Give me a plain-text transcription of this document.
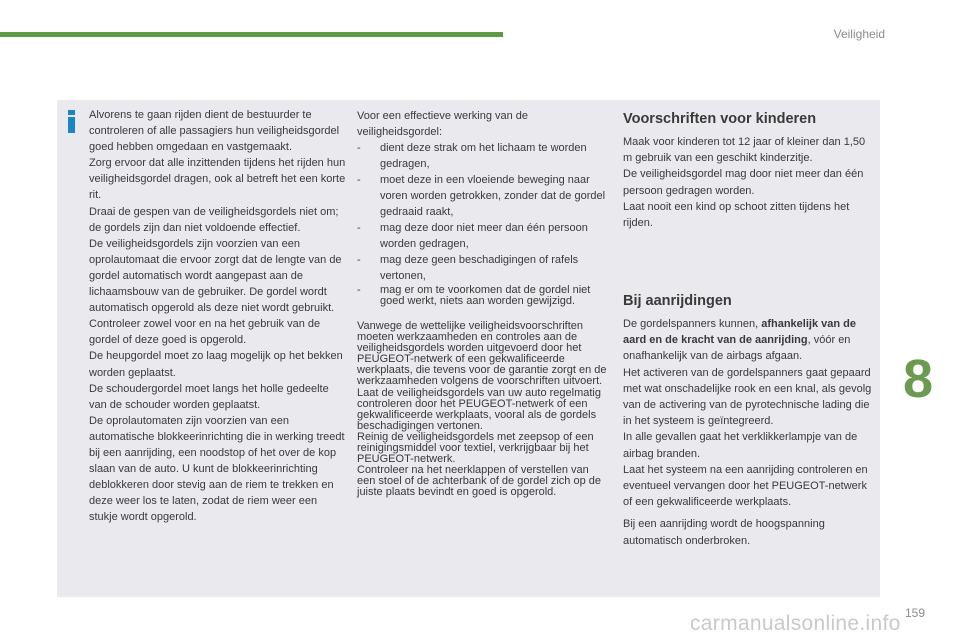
Veiligheid

Alvorens te gaan rijden dient de bestuurder te controleren of alle passagiers hun veiligheidsgordel goed hebben omgedaan en vastgemaakt.

Zorg ervoor dat alle inzittenden tijdens het rijden hun veiligheidsgordel dragen, ook al betreft het een korte rit.

Draai de gespen van de veiligheidsgordels niet om; de gordels zijn dan niet voldoende effectief.

De veiligheidsgordels zijn voorzien van een oprolautomaat die ervoor zorgt dat de lengte van de gordel automatisch wordt aangepast aan de lichaamsbouw van de gebruiker. De gordel wordt automatisch opgerold als deze niet wordt gebruikt.

Controleer zowel voor en na het gebruik van de gordel of deze goed is opgerold.

De heupgordel moet zo laag mogelijk op het bekken worden geplaatst.

De schoudergordel moet langs het holle gedeelte van de schouder worden geplaatst.

De oprolautomaten zijn voorzien van een automatische blokkeerinrichting die in werking treedt bij een aanrijding, een noodstop of het over de kop slaan van de auto. U kunt de blokkeerinrichting deblokkeren door stevig aan de riem te trekken en deze weer los te laten, zodat de riem weer een stukje wordt opgerold.

Voor een effectieve werking van de veiligheidsgordel:

- dient deze strak om het lichaam te worden gedragen,
- moet deze in een vloeiende beweging naar voren worden getrokken, zonder dat de gordel gedraaid raakt,
- mag deze door niet meer dan één persoon worden gedragen,
- mag deze geen beschadigingen of rafels vertonen,
- mag er om te voorkomen dat de gordel niet goed werkt, niets aan worden gewijzigd.

Vanwege de wettelijke veiligheidsvoorschriften moeten werkzaamheden en controles aan de veiligheidsgordels worden uitgevoerd door het PEUGEOT-netwerk of een gekwalificeerde werkplaats, die tevens voor de garantie zorgt en de werkzaamheden volgens de voorschriften uitvoert.

Laat de veiligheidsgordels van uw auto regelmatig controleren door het PEUGEOT-netwerk of een gekwalificeerde werkplaats, vooral als de gordels beschadigingen vertonen.

Reinig de veiligheidsgordels met zeepsop of een reinigingsmiddel voor textiel, verkrijgbaar bij het PEUGEOT-netwerk.

Controleer na het neerklappen of verstellen van een stoel of de achterbank of de gordel zich op de juiste plaats bevindt en goed is opgerold.

Voorschriften voor kinderen

Maak voor kinderen tot 12 jaar of kleiner dan 1,50 m gebruik van een geschikt kinderzitje.

De veiligheidsgordel mag door niet meer dan één persoon gedragen worden.

Laat nooit een kind op schoot zitten tijdens het rijden.

Bij aanrijdingen

De gordelspanners kunnen, afhankelijk van de aard en de kracht van de aanrijding, vóór en onafhankelijk van de airbags afgaan.

Het activeren van de gordelspanners gaat gepaard met wat onschadelijke rook en een knal, als gevolg van de activering van de pyrotechnische lading die in het systeem is geïntegreerd.

In alle gevallen gaat het verklikkerlampje van de airbag branden.

Laat het systeem na een aanrijding controleren en eventueel vervangen door het PEUGEOT-netwerk of een gekwalificeerde werkplaats.

Bij een aanrijding wordt de hoogspanning automatisch onderbroken.

8
159
carmanualsonline.info
